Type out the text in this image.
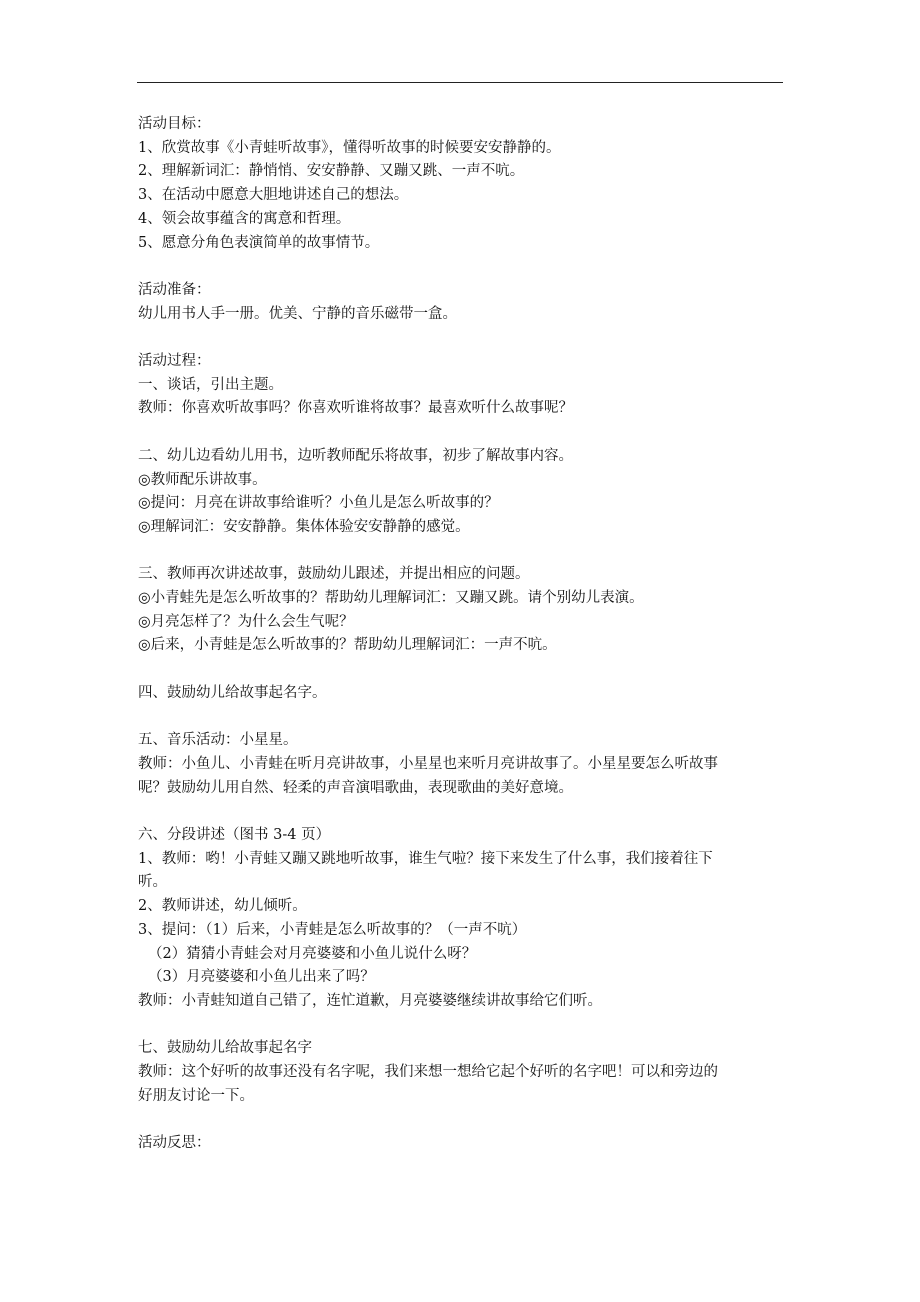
活动目标：
1、欣赏故事《小青蛙听故事》，懂得听故事的时候要安安静静的。
2、理解新词汇：静悄悄、安安静静、又蹦又跳、一声不吭。
3、在活动中愿意大胆地讲述自己的想法。
4、领会故事蕴含的寓意和哲理。
5、愿意分角色表演简单的故事情节。
活动准备：
幼儿用书人手一册。优美、宁静的音乐磁带一盒。
活动过程：
一、谈话，引出主题。
教师：你喜欢听故事吗？你喜欢听谁将故事？最喜欢听什么故事呢？
二、幼儿边看幼儿用书，边听教师配乐将故事，初步了解故事内容。
◎教师配乐讲故事。
◎提问：月亮在讲故事给谁听？小鱼儿是怎么听故事的？
◎理解词汇：安安静静。集体体验安安静静的感觉。
三、教师再次讲述故事，鼓励幼儿跟述，并提出相应的问题。
◎小青蛙先是怎么听故事的？帮助幼儿理解词汇：又蹦又跳。请个别幼儿表演。
◎月亮怎样了？为什么会生气呢？
◎后来，小青蛙是怎么听故事的？帮助幼儿理解词汇：一声不吭。
四、鼓励幼儿给故事起名字。
五、音乐活动：小星星。
教师：小鱼儿、小青蛙在听月亮讲故事，小星星也来听月亮讲故事了。小星星要怎么听故事
呢？鼓励幼儿用自然、轻柔的声音演唱歌曲，表现歌曲的美好意境。
六、分段讲述（图书 3-4 页）
1、教师：哟！小青蛙又蹦又跳地听故事，谁生气啦？接下来发生了什么事，我们接着往下
听。
2、教师讲述，幼儿倾听。
3、提问：（1）后来，小青蛙是怎么听故事的？（一声不吭）
（2）猜猜小青蛙会对月亮婆婆和小鱼儿说什么呀？
（3）月亮婆婆和小鱼儿出来了吗？
教师：小青蛙知道自己错了，连忙道歉，月亮婆婆继续讲故事给它们听。
七、鼓励幼儿给故事起名字
教师：这个好听的故事还没有名字呢，我们来想一想给它起个好听的名字吧！可以和旁边的
好朋友讨论一下。
活动反思：
